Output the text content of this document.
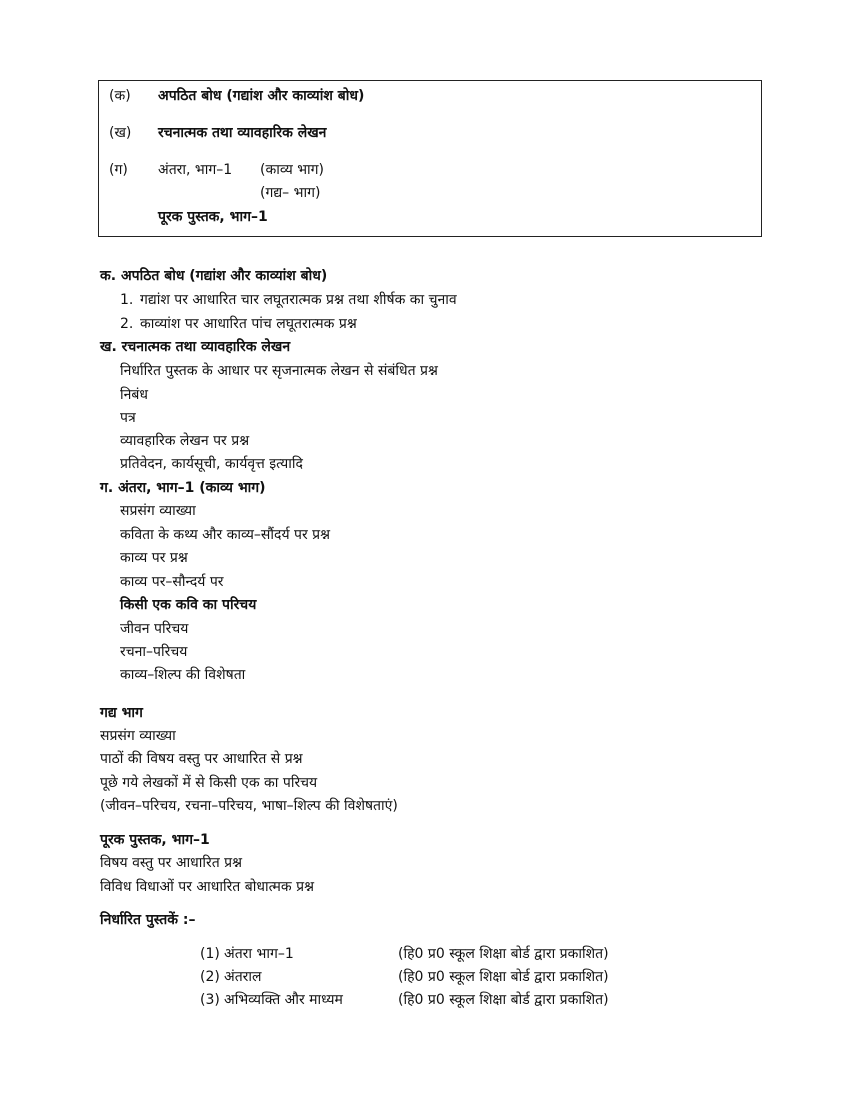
(क) अपठित बोध (गद्यांश और काव्यांश बोध)
(ख) रचनात्मक तथा व्यावहारिक लेखन
(ग) अंतरा, भाग–1 (काव्य भाग)
(गद्य– भाग)
पूरक पुस्तक, भाग–1
क. अपठित बोध (गद्यांश और काव्यांश बोध)
1. गद्यांश पर आधारित चार लघूतरात्मक प्रश्न तथा शीर्षक का चुनाव
2. काव्यांश पर आधारित पांच लघूतरात्मक प्रश्न
ख. रचनात्मक तथा व्यावहारिक लेखन
निर्धारित पुस्तक के आधार पर सृजनात्मक लेखन से संबंधित प्रश्न
निबंध
पत्र
व्यावहारिक लेखन पर प्रश्न
प्रतिवेदन, कार्यसूची, कार्यवृत्त इत्यादि
ग. अंतरा, भाग–1 (काव्य भाग)
सप्रसंग व्याख्या
कविता के कथ्य और काव्य–सौंदर्य पर प्रश्न
काव्य पर प्रश्न
काव्य पर–सौन्दर्य पर
किसी एक कवि का परिचय
जीवन परिचय
रचना–परिचय
काव्य–शिल्प की विशेषता
गद्य भाग
सप्रसंग व्याख्या
पाठों की विषय वस्तु पर आधारित से प्रश्न
पूछे गये लेखकों में से किसी एक का परिचय
(जीवन–परिचय, रचना–परिचय, भाषा–शिल्प की विशेषताएं)
पूरक पुस्तक, भाग–1
विषय वस्तु पर आधारित प्रश्न
विविध विधाओं पर आधारित बोधात्मक प्रश्न
निर्धारित पुस्तकें :–
(1) अंतरा भाग–1	(हि0 प्र0 स्कूल शिक्षा बोर्ड द्वारा प्रकाशित)
(2) अंतराल	(हि0 प्र0 स्कूल शिक्षा बोर्ड द्वारा प्रकाशित)
(3) अभिव्यक्ति और माध्यम	(हि0 प्र0 स्कूल शिक्षा बोर्ड द्वारा प्रकाशित)
